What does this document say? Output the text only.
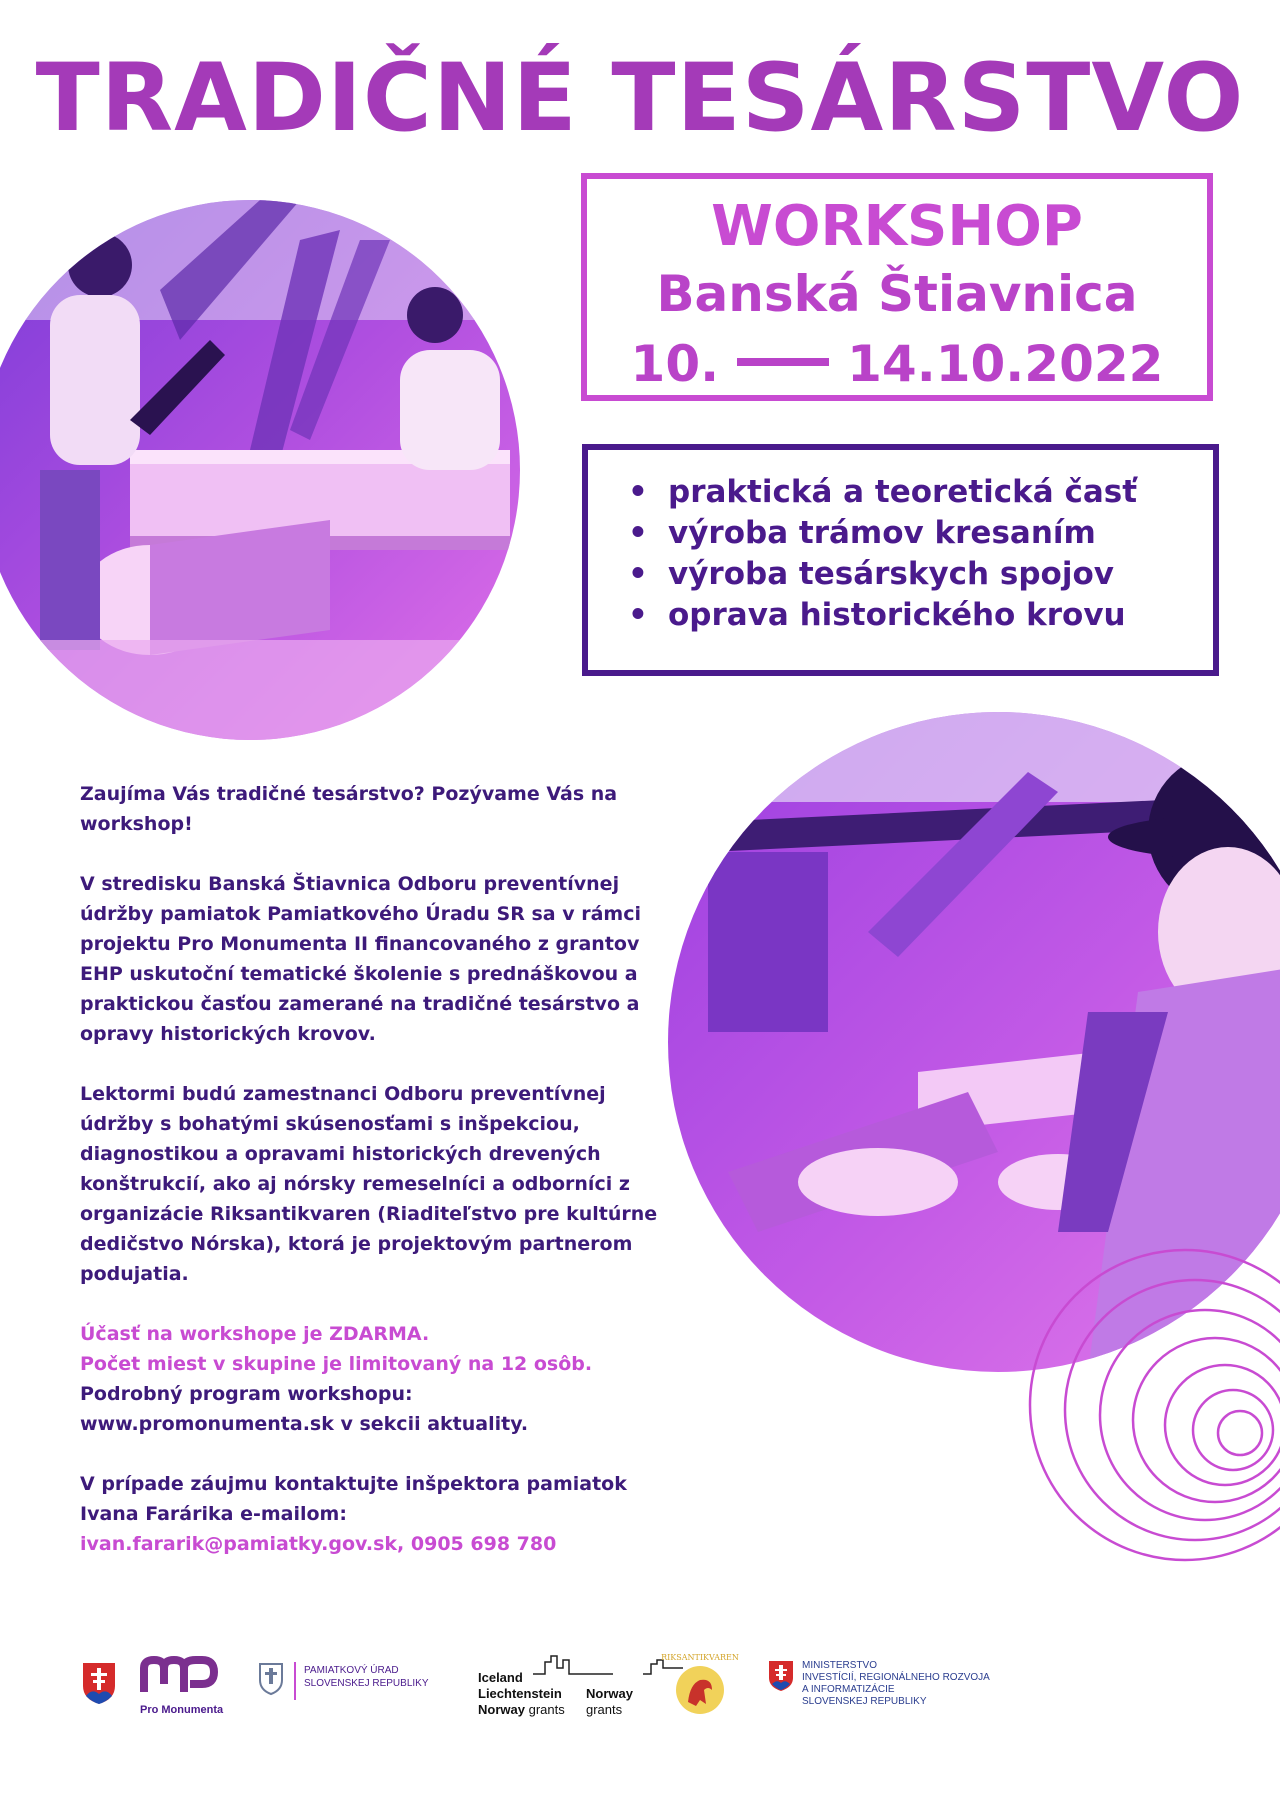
TRADIČNÉ TESÁRSTVO
WORKSHOP
Banská Štiavnica
10.	14.10.2022
• praktická a teoretická časť
• výroba trámov kresaním
• výroba tesárskych spojov
• oprava historického krovu

Zaujíma Vás tradičné tesárstvo? Pozývame Vás na workshop!

V stredisku Banská Štiavnica Odboru preventívnej údržby pamiatok Pamiatkového Úradu SR sa v rámci projektu Pro Monumenta II financovaného z grantov EHP uskutoční tematické školenie s prednáškovou a praktickou časťou zamerané na tradičné tesárstvo a opravy historických krovov.

Lektormi budú zamestnanci Odboru preventívnej údržby s bohatými skúsenosťami s inšpekciou, diagnostikou a opravami historických drevených konštrukcií, ako aj nórsky remeselníci a odborníci z organizácie Riksantikvaren (Riaditeľstvo pre kultúrne dedičstvo Nórska), ktorá je projektovým partnerom podujatia.

Účasť na workshope je ZDARMA.
Počet miest v skupine je limitovaný na 12 osôb.
Podrobný program workshopu:
www.promonumenta.sk v sekcii aktuality.

V prípade záujmu kontaktujte inšpektora pamiatok

Ivana Farárika e-mailom:

ivan.fararik@pamiatky.gov.sk, 0905 698 780

Pro Monumenta
PAMIATKOVÝ ÚRAD
SLOVENSKEJ REPUBLIKY	Iceland
Liechtenstein
Norway grants
Norway
grants
RIKSANTIKVAREN
MINISTERSTVO
INVESTÍCIÍ, REGIONÁLNEHO ROZVOJA
A INFORMATIZÁCIE
SLOVENSKEJ REPUBLIKY
